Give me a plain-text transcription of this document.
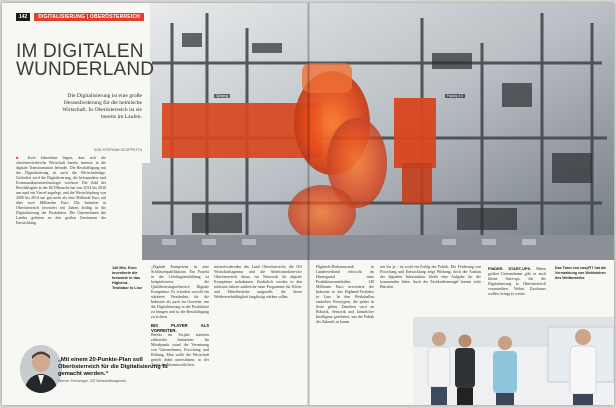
142	DIGITALISIERUNG | OBERÖSTERREICH
IM DIGITALEN
WUNDERLAND
Die Digitalisierung ist eine große Herausforderung für die heimische Wirtschaft. In Oberösterreich ist sie bereits im Laufen.
VON STEPHAN SCOPPETTA
Optiprog	Factory 4.0
■ Zwei Jahrzehnte liegen, dass sich die oberösterreichische Wirtschaft bereits intensiv in die digitale Transformation befindet. Die Beschäftigung mit der Digitalisierung ist auch die Wirtschaftslage. Gefördert wird die Digitalisierung, die Infrastruktur und Kommunikationstechnologie wachsen. Die Zahl der Beschäftigten in der IKT-Branche hat von 2014 bis 2016 um rund ein Viertel zugelegt, und die Wertschöpfung von 2000 bis 2014 um gut mehr als eine Milliarde Euro auf über zwei Milliarden Euro. Die Industrie in Oberösterreich investiert seit Jahren kräftig in die Digitalisierung der Produktion. Die Unternehmen des Landes gehören zu den großen Gewinnern der Entwicklung.
140 Mio. Euro investierte die Industrie in das Highend-Testlabor in Linz
„Digitale Kompetenz ist eine Schlüsselqualifikation. Ein Projekt in der Lehrlingsausbildung ist beispielsweise die Qualifizierungsoffensive Digitale Kompetenz. Es erfordert sowohl ein stärkeres Verständnis für die Industrie als auch im Gewerbe, um die Digitalisierung in die Produktion zu bringen und so die Beschäftigung zu sichern.
BIS PLAYER ALS VORREITER.
Bereits im Vorjahr starteten zahlreiche Initiativen. Im Mittelpunkt stand die Vernetzung von Unternehmen, Forschung und Bildung. Man wolle die Wirtschaft gezielt dabei unterstützen, so der Tenor der Verantwortlichen.
misserfordernden das Land Oberösterreich, die OÖ Wirtschaftsagentur und die Arbeitsmarktservice Oberösterreich daran, ein Netzwerk für digitale Kompetenz aufzubauen. Zusätzlich werden in den nächsten Jahren zahlreiche neue Programme für Klein- und Mittelbetriebe ausgerollt, die deren Wettbewerbsfähigkeit langfristig stärken sollen.
Hightech-Diebrunnstadt in Landesverband erforscht im Hintergrund neue Produktionsmethoden. 140 Millionen Euro investierte die Industrie in das Highend-Testlabor in Linz. In den Werkshallen entstehen Prototypen, die später in Serie gehen. Daneben wird an Robotik, Sensorik und künstlicher Intelligenz gearbeitet, um die Fabrik der Zukunft zu bauen.
rtet bis ja – ist wohl ein Erfolg der Politik. Die Förderung von Forschung und Entwicklung zeigt Wirkung, doch der Ausbau der digitalen Infrastruktur bleibt eine Aufgabe für die kommenden Jahre. Auch der Fachkräftemangel bremst viele Betriebe.
FINDER. START-UPS. Neben großen Unternehmen gibt es auch kleine Start-ups, die die Digitalisierung in Oberösterreich vorantreiben. Wohin Zuschauer wollen, bringt es weiter.
Das Team von easyFIT hat die Vermarktung von Wohlstehen des Wettbewerbs
„Mit einem 20-Punkte-Plan soll Oberösterreich für die Digitalisierung fit gemacht werden.“
Werner Fennesger, OÖ Wirtschaftsagentur
